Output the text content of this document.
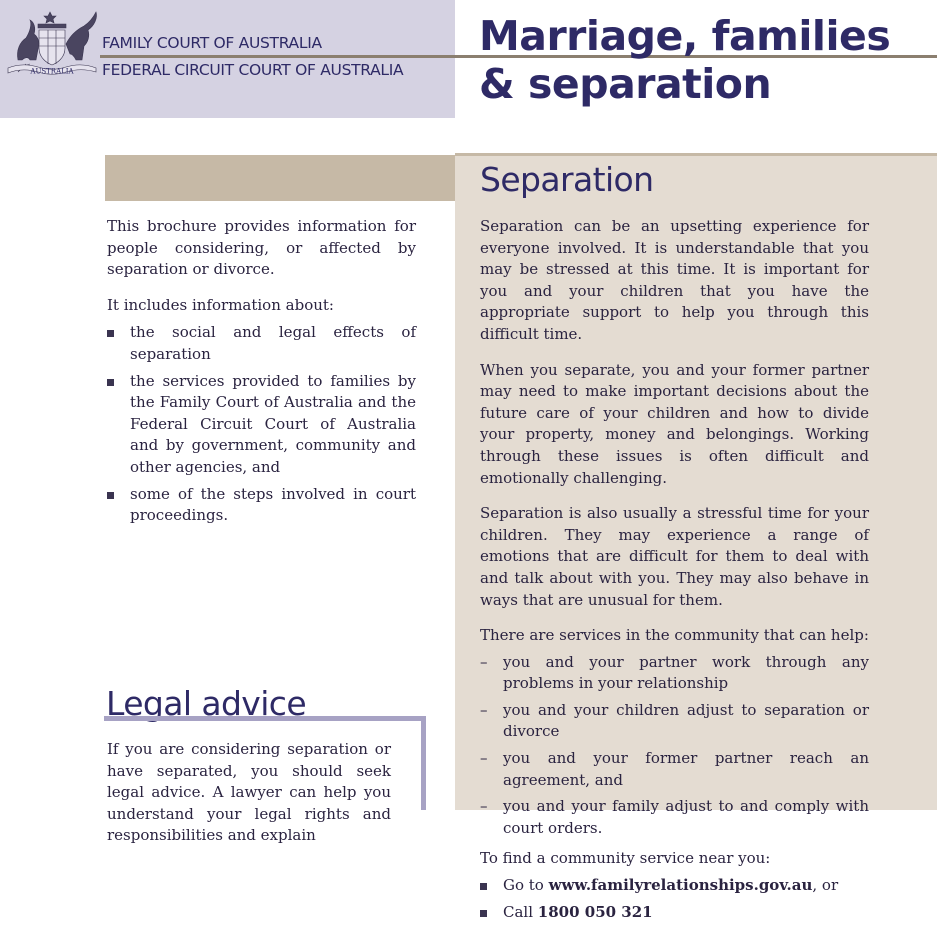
AUSTRALIA
FAMILY COURT OF AUSTRALIA
FEDERAL CIRCUIT COURT OF AUSTRALIA
Marriage, families & separation

This brochure provides information for people considering, or affected by separation or divorce.

It includes information about:

the social and legal effects of separation
the services provided to families by the Family Court of Australia and the Federal Circuit Court of Australia and by government, community and other agencies, and
some of the steps involved in court proceedings.
Legal advice

If you are considering separation or have separated, you should seek legal advice. A lawyer can help you understand your legal rights and responsibilities and explain

Separation

Separation can be an upsetting experience for everyone involved. It is understandable that you may be stressed at this time. It is important for you and your children that you have the appropriate support to help you through this difficult time.

When you separate, you and your former partner may need to make important decisions about the future care of your children and how to divide your property, money and belongings. Working through these issues is often difficult and emotionally challenging.

Separation is also usually a stressful time for your children. They may experience a range of emotions that are difficult for them to deal with and talk about with you. They may also behave in ways that are unusual for them.

There are services in the community that can help:

– you and your partner work through any problems in your relationship
– you and your children adjust to separation or divorce
– you and your former partner reach an agreement, and
– you and your family adjust to and comply with court orders.

To find a community service near you:

Go to www.familyrelationships.gov.au, or
Call 1800 050 321
